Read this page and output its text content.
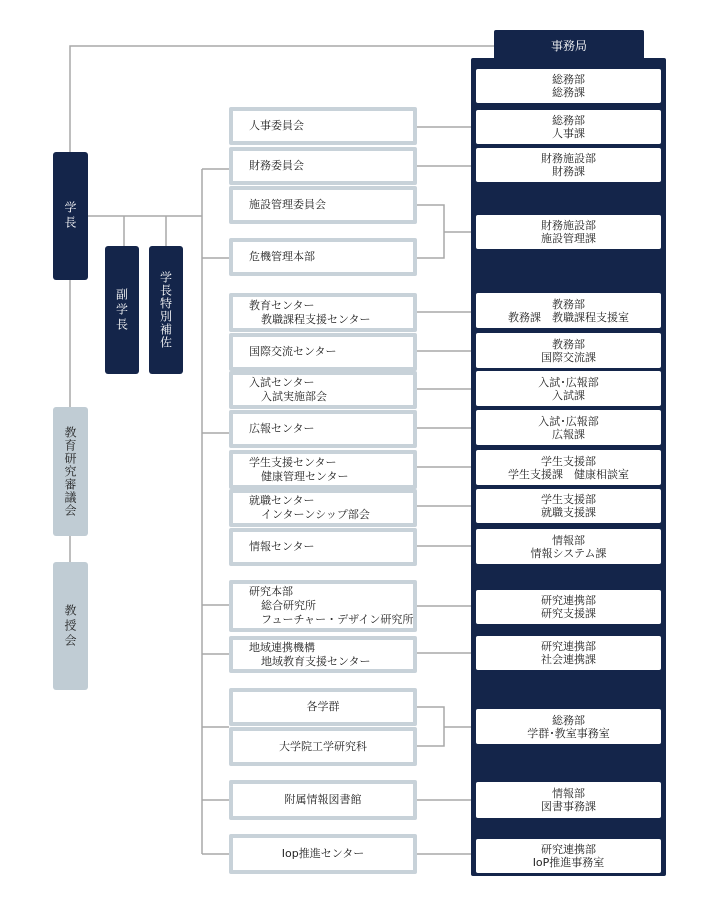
学長
副学長	学長特別補佐
教育研究審議会
教授会
人事委員会
財務委員会
施設管理委員会
危機管理本部
教育センター
教職課程支援センター
国際交流センター
入試センター
入試実施部会
広報センター
学生支援センター
健康管理センター
就職センター
インターンシップ部会
情報センター
研究本部
総合研究所
フューチャー・デザイン研究所
地域連携機構
地域教育支援センター
各学群
大学院工学研究科
附属情報図書館
Iop推進センター
事務局
総務部
総務課
総務部
人事課
財務施設部
財務課
財務施設部
施設管理課
教務部
教務課　教職課程支援室
教務部
国際交流課
入試･広報部
入試課
入試･広報部
広報課
学生支援部
学生支援課　健康相談室
学生支援部
就職支援課
情報部
情報システム課
研究連携部
研究支援課
研究連携部
社会連携課
総務部
学群･教室事務室
情報部
図書事務課
研究連携部
IoP推進事務室
